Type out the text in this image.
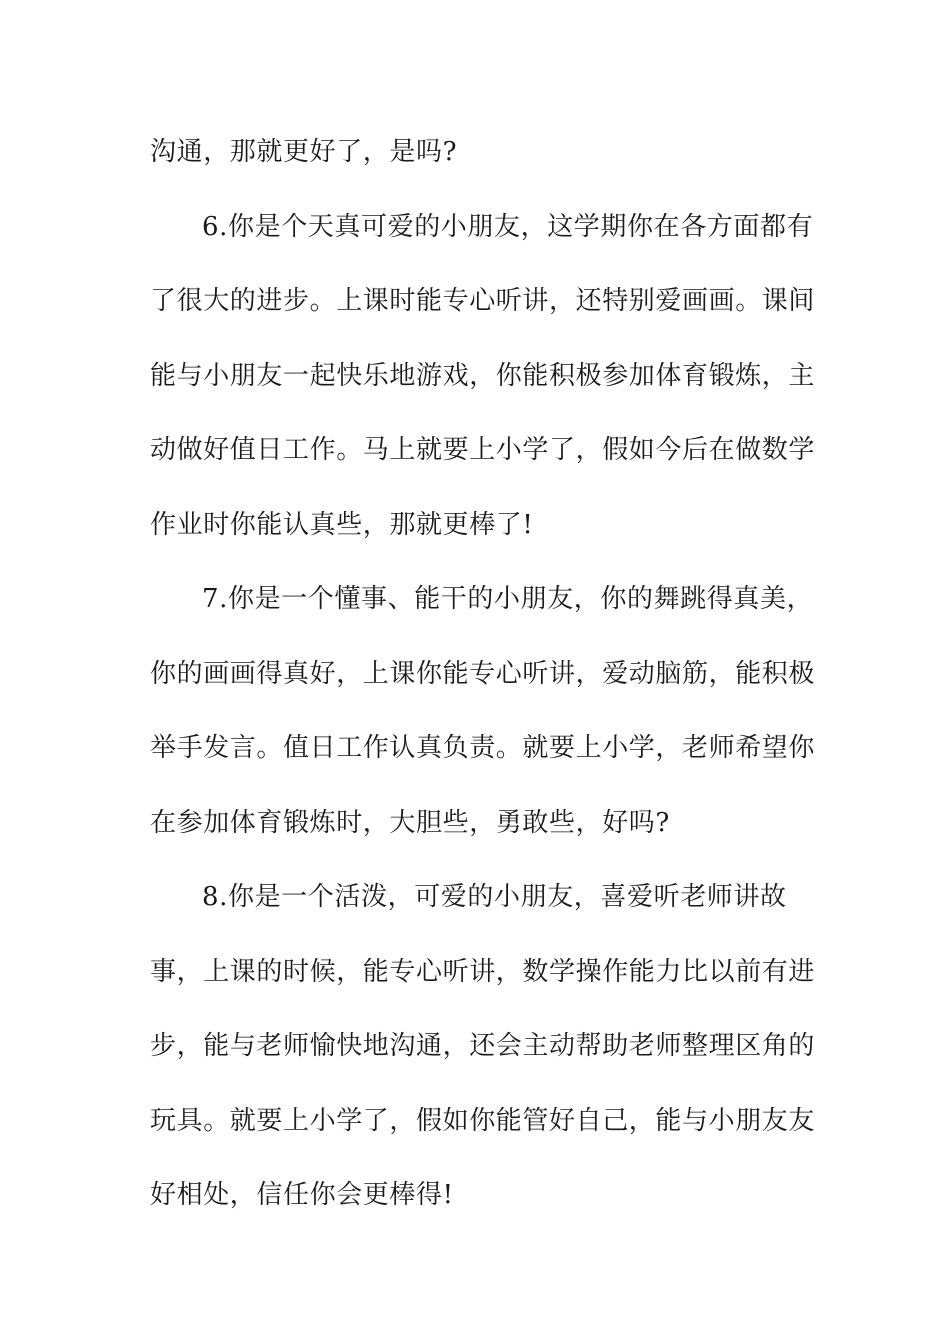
沟通，那就更好了，是吗?

6.你是个天真可爱的小朋友，这学期你在各方面都有
了很大的进步。上课时能专心听讲，还特别爱画画。课间
能与小朋友一起快乐地游戏，你能积极参加体育锻炼，主
动做好值日工作。马上就要上小学了，假如今后在做数学
作业时你能认真些，那就更棒了!

7.你是一个懂事、能干的小朋友，你的舞跳得真美，
你的画画得真好，上课你能专心听讲，爱动脑筋，能积极
举手发言。值日工作认真负责。就要上小学，老师希望你
在参加体育锻炼时，大胆些，勇敢些，好吗?

8.你是一个活泼，可爱的小朋友，喜爱听老师讲故
事，上课的时候，能专心听讲，数学操作能力比以前有进
步，能与老师愉快地沟通，还会主动帮助老师整理区角的
玩具。就要上小学了，假如你能管好自己，能与小朋友友
好相处，信任你会更棒得!
